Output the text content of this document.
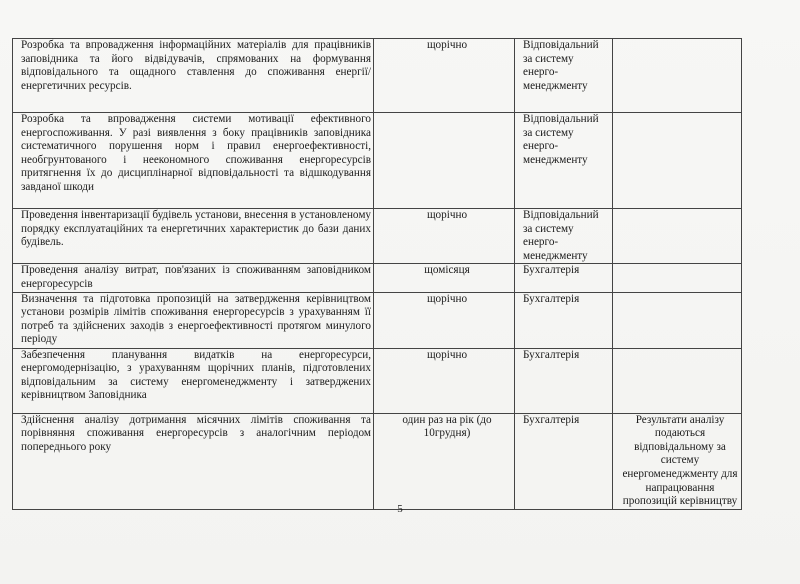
Розробка та впровадження інформаційних матеріалів для працівників заповідника та його відвідувачів, спрямованих на формування відповідального та ощадного ставлення до споживання енергії/енергетичних ресурсів.	щорічно	Відповідальний за систему енерго-менеджменту	
Розробка та впровадження системи мотивації ефективного енергоспоживання. У разі виявлення з боку працівників заповідника систематичного порушення норм і правил енергоефективності, необгрунтованого і неекономного споживання енергоресурсів притягнення їх до дисциплінарної відповідальності та відшкодування завданої шкоди		Відповідальний за систему енерго-менеджменту	
Проведення інвентаризації будівель установи, внесення в установленому порядку експлуатаційних та енергетичних характеристик до бази даних будівель.	щорічно	Відповідальний за систему енерго-менеджменту	
Проведення аналізу витрат, пов'язаних із споживанням заповідником енергоресурсів	щомісяця	Бухгалтерія	
Визначення та підготовка пропозицій на затвердження керівництвом установи розмірів лімітів споживання енергоресурсів з урахуванням її потреб та здійснених заходів з енергоефективності протягом минулого періоду	щорічно	Бухгалтерія	
Забезпечення планування видатків на енергоресурси, енергомодернізацію, з урахуванням щорічних планів, підготовлених відповідальним за систему енергоменеджменту і затверджених керівництвом Заповідника	щорічно	Бухгалтерія	
Здійснення аналізу дотримання місячних лімітів споживання та порівняння споживання енергоресурсів з аналогічним періодом попереднього року	один раз на рік (до 10грудня)	Бухгалтерія	Результати аналізу подаються відповідальному за систему енергоменеджменту для напрацювання пропозицій керівництву
5
